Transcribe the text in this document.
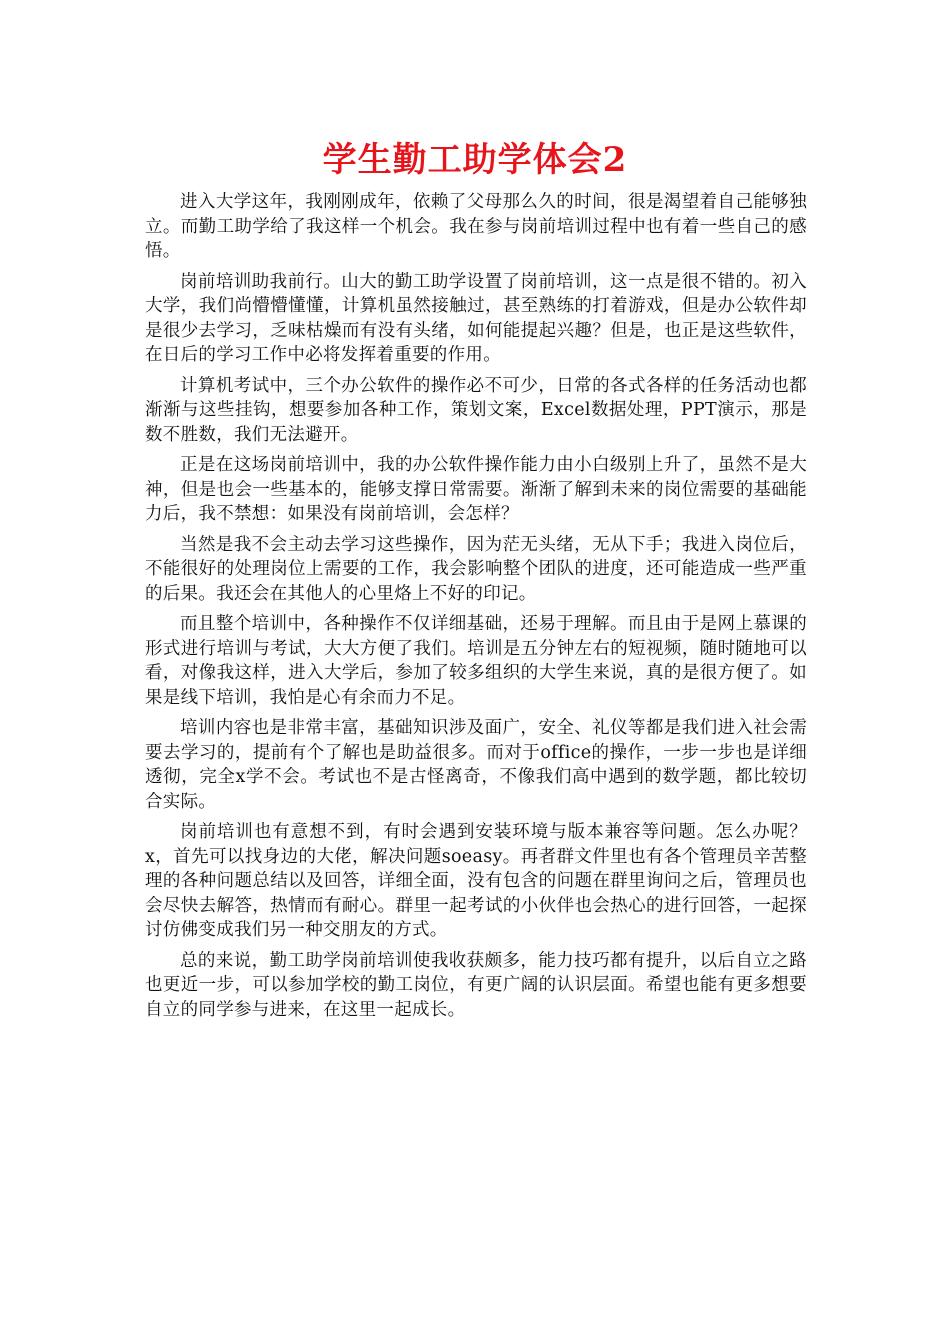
学生勤工助学体会2

进入大学这年，我刚刚成年，依赖了父母那么久的时间，很是渴望着自己能够独立。而勤工助学给了我这样一个机会。我在参与岗前培训过程中也有着一些自己的感悟。

岗前培训助我前行。山大的勤工助学设置了岗前培训，这一点是很不错的。初入大学，我们尚懵懵懂懂，计算机虽然接触过，甚至熟练的打着游戏，但是办公软件却是很少去学习，乏味枯燥而有没有头绪，如何能提起兴趣？但是，也正是这些软件，在日后的学习工作中必将发挥着重要的作用。

计算机考试中，三个办公软件的操作必不可少，日常的各式各样的任务活动也都渐渐与这些挂钩，想要参加各种工作，策划文案，Excel数据处理，PPT演示，那是数不胜数，我们无法避开。

正是在这场岗前培训中，我的办公软件操作能力由小白级别上升了，虽然不是大神，但是也会一些基本的，能够支撑日常需要。渐渐了解到未来的岗位需要的基础能力后，我不禁想：如果没有岗前培训，会怎样？

当然是我不会主动去学习这些操作，因为茫无头绪，无从下手；我进入岗位后，不能很好的处理岗位上需要的工作，我会影响整个团队的进度，还可能造成一些严重的后果。我还会在其他人的心里烙上不好的印记。

而且整个培训中，各种操作不仅详细基础，还易于理解。而且由于是网上慕课的形式进行培训与考试，大大方便了我们。培训是五分钟左右的短视频，随时随地可以看，对像我这样，进入大学后，参加了较多组织的大学生来说，真的是很方便了。如果是线下培训，我怕是心有余而力不足。

培训内容也是非常丰富，基础知识涉及面广，安全、礼仪等都是我们进入社会需要去学习的，提前有个了解也是助益很多。而对于office的操作，一步一步也是详细透彻，完全x学不会。考试也不是古怪离奇，不像我们高中遇到的数学题，都比较切合实际。

岗前培训也有意想不到，有时会遇到安装环境与版本兼容等问题。怎么办呢？x，首先可以找身边的大佬，解决问题soeasy。再者群文件里也有各个管理员辛苦整理的各种问题总结以及回答，详细全面，没有包含的问题在群里询问之后，管理员也会尽快去解答，热情而有耐心。群里一起考试的小伙伴也会热心的进行回答，一起探讨仿佛变成我们另一种交朋友的方式。

总的来说，勤工助学岗前培训使我收获颇多，能力技巧都有提升，以后自立之路也更近一步，可以参加学校的勤工岗位，有更广阔的认识层面。希望也能有更多想要自立的同学参与进来，在这里一起成长。
